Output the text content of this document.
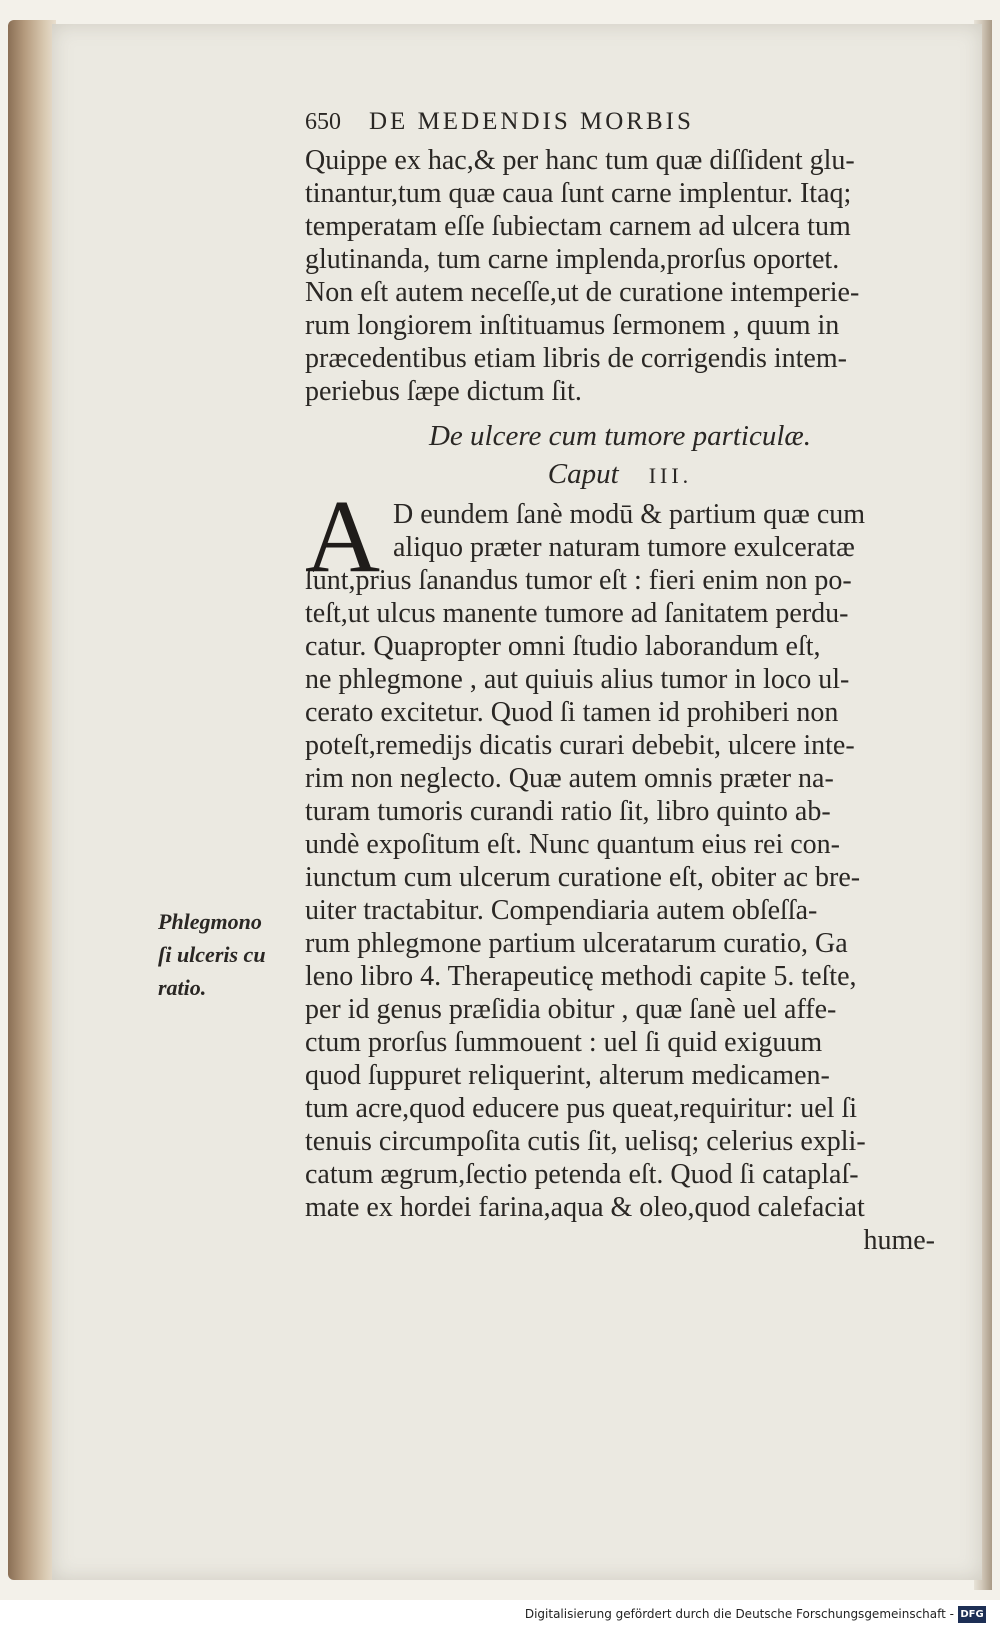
650 DE MEDENDIS MORBIS
Quippe ex hac,& per hanc tum quæ diſſident glu-
tinantur,tum quæ caua ſunt carne implentur. Itaq;
temperatam eſſe ſubiectam carnem ad ulcera tum
glutinanda, tum carne implenda,prorſus oportet.
Non eſt autem neceſſe,ut de curatione intemperie-
rum longiorem inſtituamus ſermonem , quum in
præcedentibus etiam libris de corrigendis intem-
periebus ſæpe dictum ſit.
De ulcere cum tumore particulæ.
Caput III.
A D eundem ſanè modū & partium quæ cum
aliquo præter naturam tumore exulceratæ
ſunt,prius ſanandus tumor eſt : fieri enim non po-
teſt,ut ulcus manente tumore ad ſanitatem perdu-
catur. Quapropter omni ſtudio laborandum eſt,
ne phlegmone , aut quiuis alius tumor in loco ul-
cerato excitetur. Quod ſi tamen id prohiberi non
poteſt,remedijs dicatis curari debebit, ulcere inte-
rim non neglecto. Quæ autem omnis præter na-
turam tumoris curandi ratio ſit, libro quinto ab-
undè expoſitum eſt. Nunc quantum eius rei con-
iunctum cum ulcerum curatione eſt, obiter ac bre-
uiter tractabitur. Compendiaria autem obſeſſa-
rum phlegmone partium ulceratarum curatio, Ga
leno libro 4. Therapeuticę methodi capite 5. teſte,
per id genus præſidia obitur , quæ ſanè uel affe-
ctum prorſus ſummouent : uel ſi quid exiguum
quod ſuppuret reliquerint, alterum medicamen-
tum acre,quod educere pus queat,requiritur: uel ſi
tenuis circumpoſita cutis ſit, uelisq; celerius expli-
catum ægrum,ſectio petenda eſt. Quod ſi cataplaſ-
mate ex hordei farina,aqua & oleo,quod calefaciat
hume-
Phlegmono
ſi ulceris cu
ratio.
Digitalisierung gefördert durch die Deutsche Forschungsgemeinschaft - DFG
